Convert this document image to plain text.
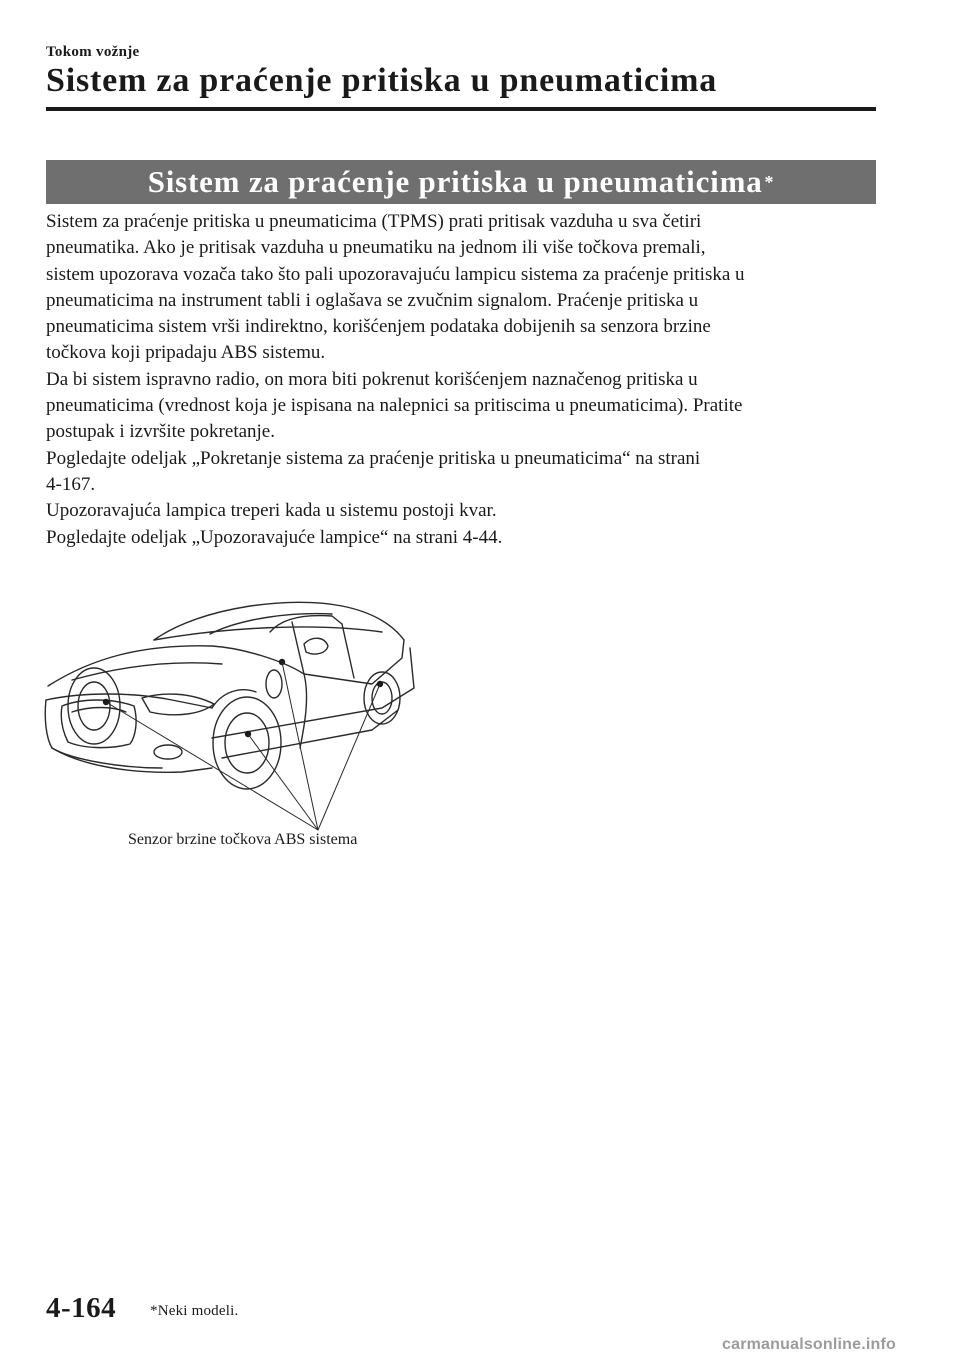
Tokom vožnje
Sistem za praćenje pritiska u pneumaticima
Sistem za praćenje pritiska u pneumaticima *

Sistem za praćenje pritiska u pneumaticima (TPMS) prati pritisak vazduha u sva četiri

pneumatika. Ako je pritisak vazduha u pneumatiku na jednom ili više točkova premali,

sistem upozorava vozača tako što pali upozoravajuću lampicu sistema za praćenje pritiska u

pneumaticima na instrument tabli i oglašava se zvučnim signalom. Praćenje pritiska u

pneumaticima sistem vrši indirektno, korišćenjem podataka dobijenih sa senzora brzine

točkova koji pripadaju ABS sistemu.

Da bi sistem ispravno radio, on mora biti pokrenut korišćenjem naznačenog pritiska u

pneumaticima (vrednost koja je ispisana na nalepnici sa pritiscima u pneumaticima). Pratite

postupak i izvršite pokretanje.

Pogledajte odeljak „Pokretanje sistema za praćenje pritiska u pneumaticima“ na strani

4-167.

Upozoravajuća lampica treperi kada u sistemu postoji kvar.

Pogledajte odeljak „Upozoravajuće lampice“ na strani 4-44.

Senzor brzine točkova ABS sistema
4-164 *Neki modeli.
carmanualsonline.info
